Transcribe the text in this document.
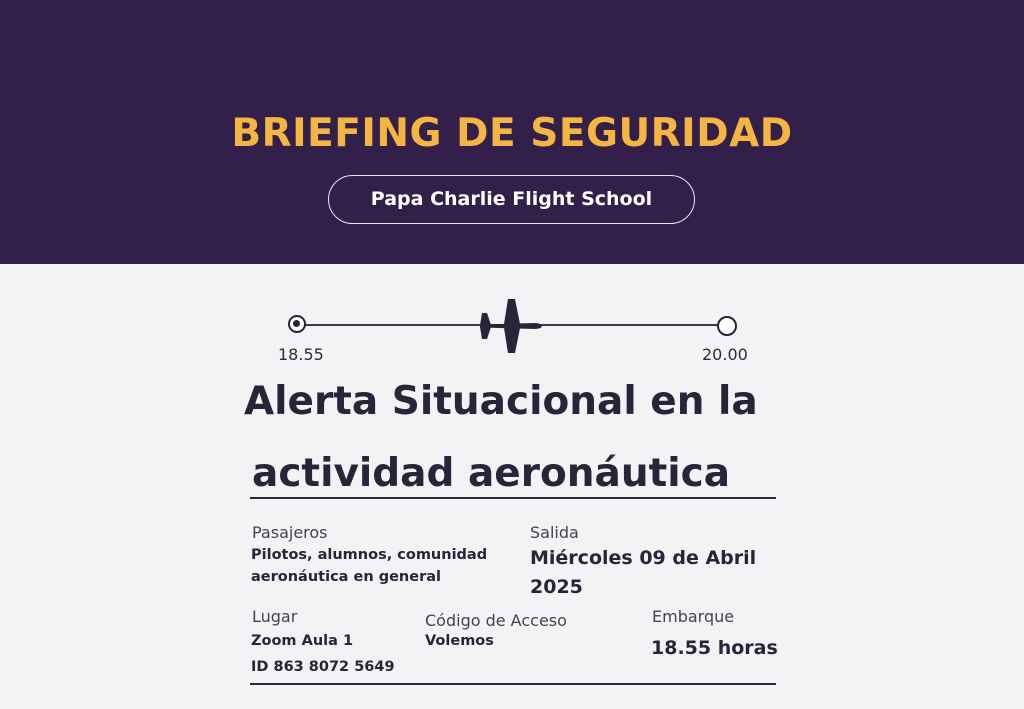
BRIEFING DE SEGURIDAD
Papa Charlie Flight School
18.55	20.00
Alerta Situacional en la
actividad aeronáutica
Pasajeros
Pilotos, alumnos, comunidad
aeronáutica en general
Salida
Miércoles 09 de Abril
2025
Lugar
Zoom Aula 1
ID 863 8072 5649
Código de Acceso
Volemos
Embarque
18.55 horas
